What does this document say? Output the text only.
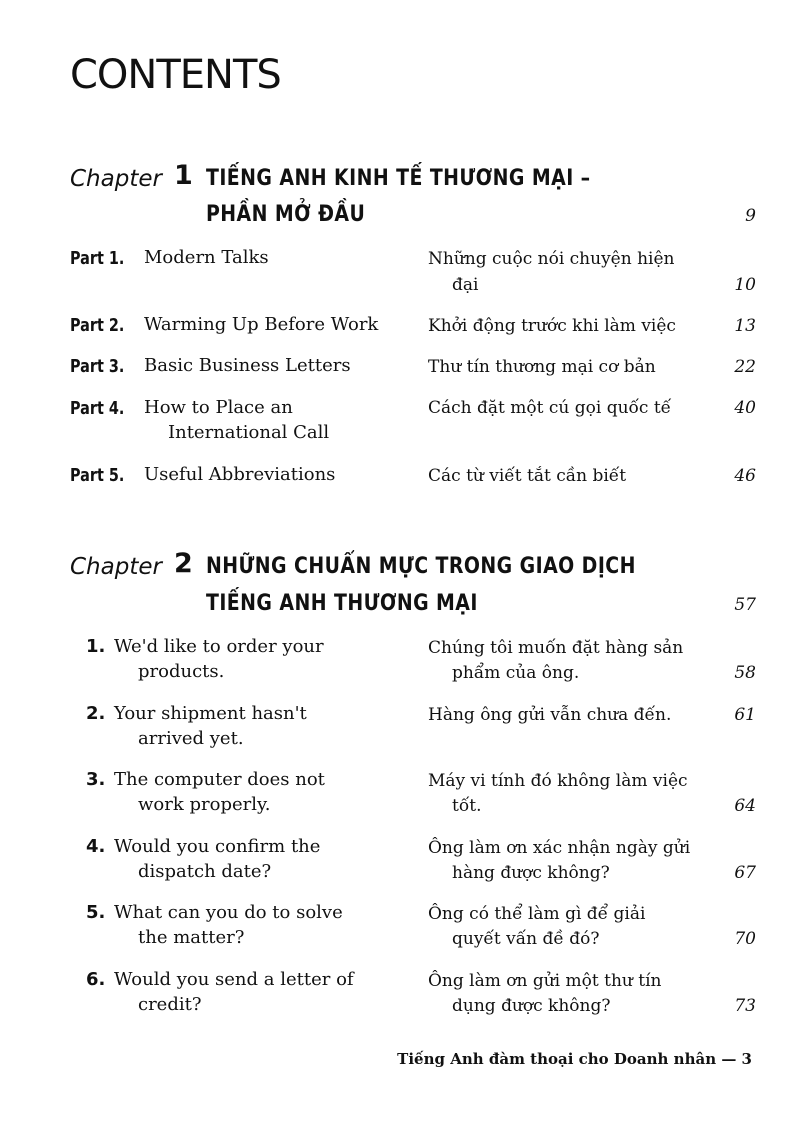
CONTENTS
Chapter 1 TIẾNG ANH KINH TẾ THƯƠNG MẠI –
PHẦN MỞ ĐẦU	9
Part 1. Modern Talks	Những cuộc nói chuyện hiện
đại	10
Part 2. Warming Up Before Work	Khởi động trước khi làm việc	13
Part 3. Basic Business Letters	Thư tín thương mại cơ bản	22
Part 4. How to Place an
International Call
Cách đặt một cú gọi quốc tế	40
Part 5. Useful Abbreviations	Các từ viết tắt cần biết	46
Chapter 2 NHỮNG CHUẨN MỰC TRONG GIAO DỊCH
TIẾNG ANH THƯƠNG MẠI	57
1. We'd like to order your
products.
Chúng tôi muốn đặt hàng sản
phẩm của ông.	58
2. Your shipment hasn't
arrived yet.
Hàng ông gửi vẫn chưa đến.	61
3. The computer does not
work properly.
Máy vi tính đó không làm việc
tốt.	64
4. Would you confirm the
dispatch date?
Ông làm ơn xác nhận ngày gửi
hàng được không?	67
5. What can you do to solve
the matter?
Ông có thể làm gì để giải
quyết vấn đề đó?	70
6. Would you send a letter of
credit?
Ông làm ơn gửi một thư tín
dụng được không?	73
Tiếng Anh đàm thoại cho Doanh nhân — 3
